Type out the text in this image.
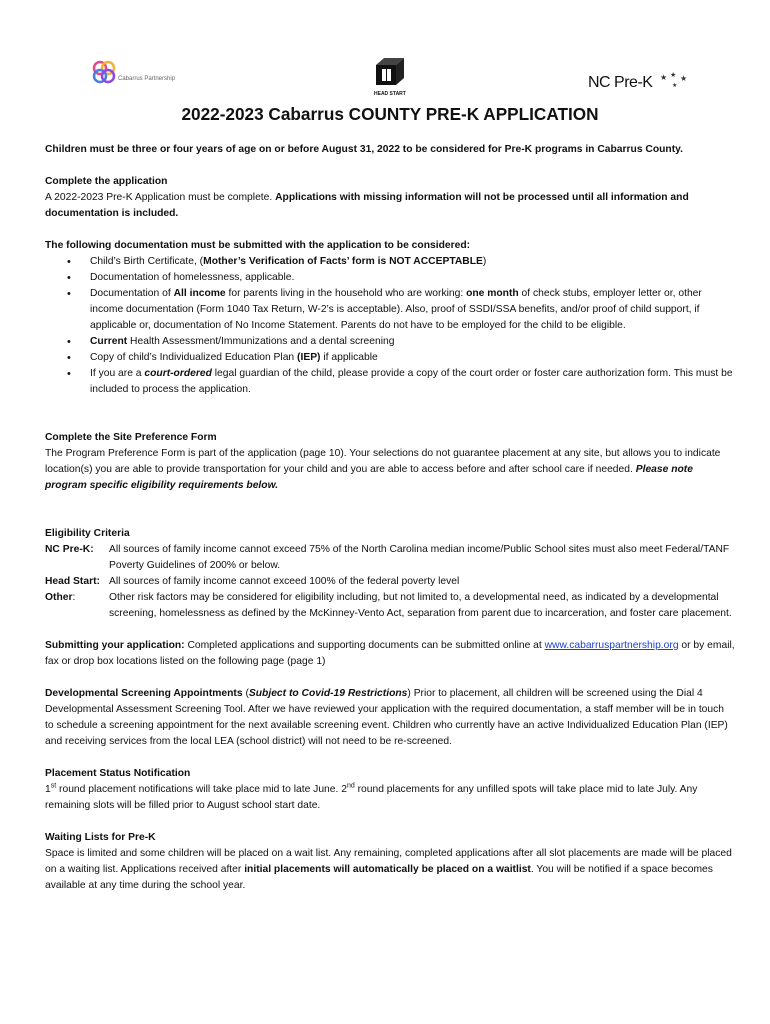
Cabarrus Partnership
HEAD START
NC Pre-K ★ ★ ★
★
2022-2023 Cabarrus COUNTY PRE-K APPLICATION

Children must be three or four years of age on or before August 31, 2022 to be considered for Pre-K programs in Cabarrus County.

Complete the application

A 2022-2023 Pre-K Application must be complete. Applications with missing information will not be processed until all information and documentation is included.

The following documentation must be submitted with the application to be considered:

• Child’s Birth Certificate, (Mother’s Verification of Facts’ form is NOT ACCEPTABLE)
• Documentation of homelessness, applicable.
• Documentation of All income for parents living in the household who are working: one month of check stubs, employer letter or, other income documentation (Form 1040 Tax Return, W-2’s is acceptable). Also, proof of SSDI/SSA benefits, and/or proof of child support, if applicable or, documentation of No Income Statement. Parents do not have to be employed for the child to be eligible.
• Current Health Assessment/Immunizations and a dental screening
• Copy of child’s Individualized Education Plan (IEP) if applicable
• If you are a court-ordered legal guardian of the child, please provide a copy of the court order or foster care authorization form. This must be included to process the application.

Complete the Site Preference Form

The Program Preference Form is part of the application (page 10). Your selections do not guarantee placement at any site, but allows you to indicate location(s) you are able to provide transportation for your child and you are able to access before and after school care if needed. Please note program specific eligibility requirements below.

Eligibility Criteria

NC Pre-K:	All sources of family income cannot exceed 75% of the North Carolina median income/Public School sites must also meet Federal/TANF Poverty Guidelines of 200% or below.
Head Start: All sources of family income cannot exceed 100% of the federal poverty level
Other:	Other risk factors may be considered for eligibility including, but not limited to, a developmental need, as indicated by a developmental screening, homelessness as defined by the McKinney-Vento Act, separation from parent due to incarceration, and foster care placement.

Submitting your application: Completed applications and supporting documents can be submitted online at www.cabarruspartnership.org or by email, fax or drop box locations listed on the following page (page 1)

Developmental Screening Appointments (Subject to Covid-19 Restrictions) Prior to placement, all children will be screened using the Dial 4 Developmental Assessment Screening Tool. After we have reviewed your application with the required documentation, a staff member will be in touch to schedule a screening appointment for the next available screening event. Children who currently have an active Individualized Education Plan (IEP) and receiving services from the local LEA (school district) will not need to be re-screened.

Placement Status Notification

1st round placement notifications will take place mid to late June. 2nd round placements for any unfilled spots will take place mid to late July. Any remaining slots will be filled prior to August school start date.

Waiting Lists for Pre-K

Space is limited and some children will be placed on a wait list. Any remaining, completed applications after all slot placements are made will be placed on a waiting list. Applications received after initial placements will automatically be placed on a waitlist. You will be notified if a space becomes available at any time during the school year.
